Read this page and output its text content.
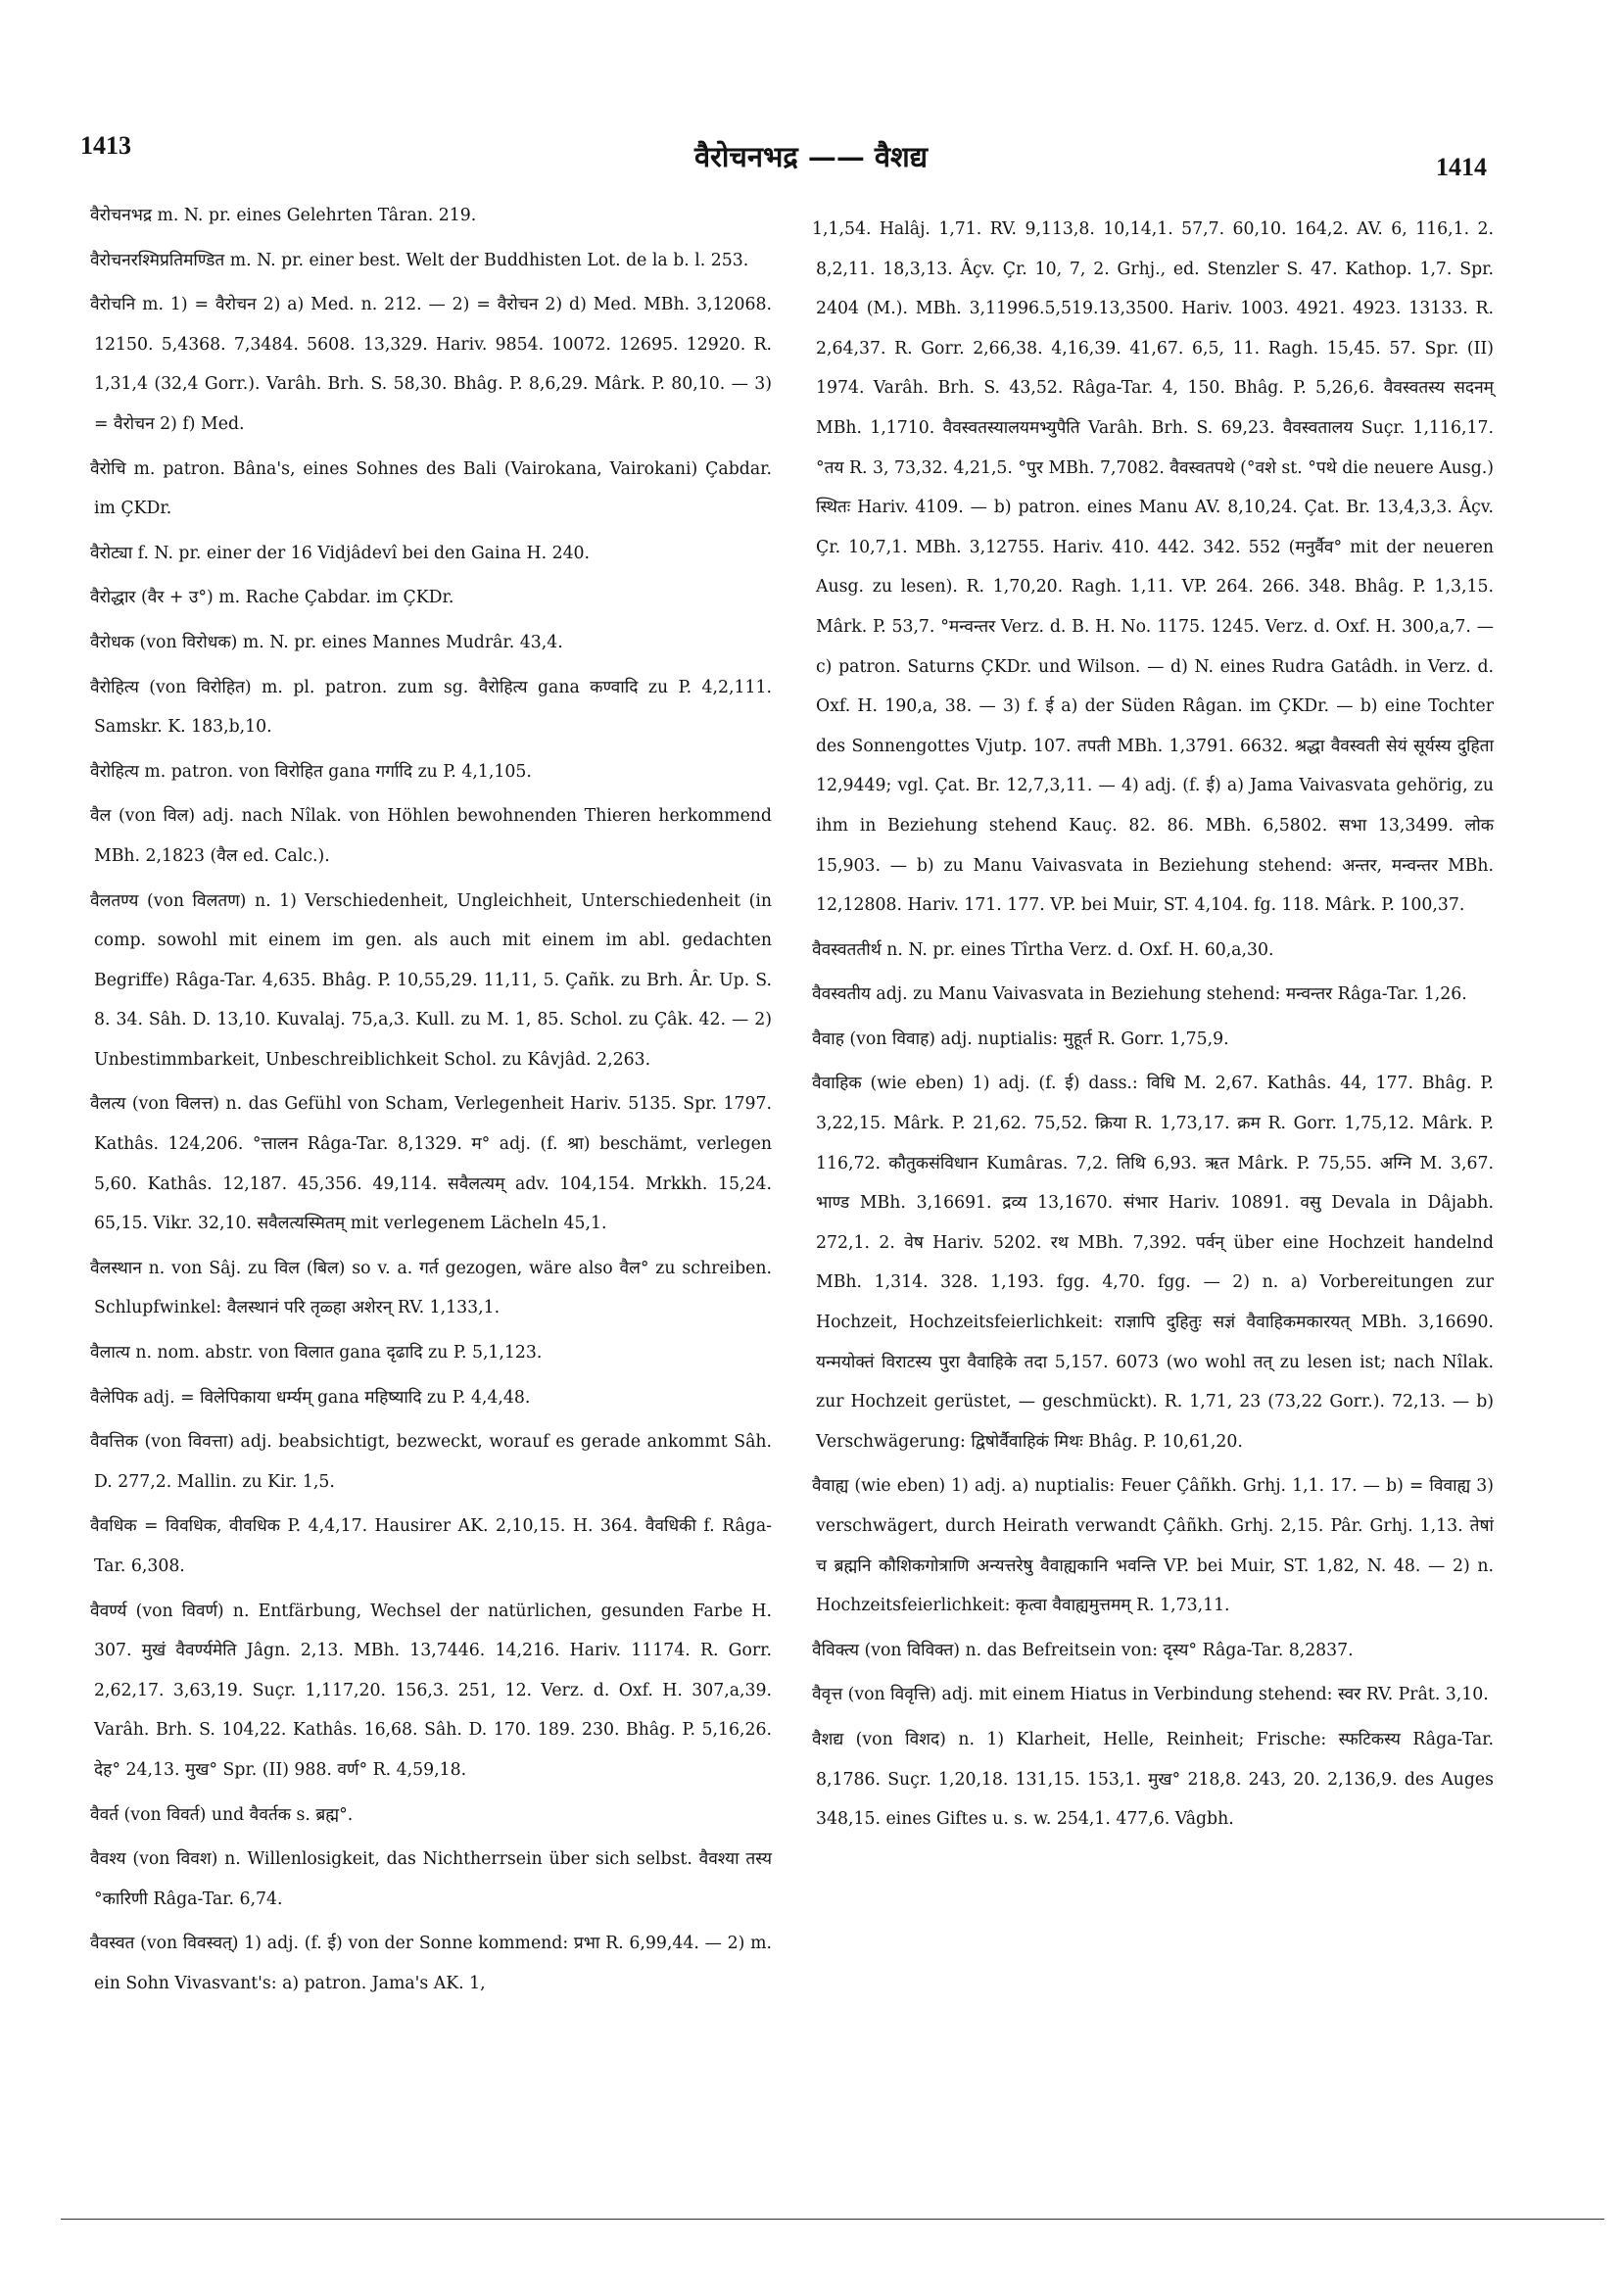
1413	वैरोचनभद्र —— वैशद्य	1414

वैरोचनभद्र m. N. pr. eines Gelehrten Târan. 219.

वैरोचनरश्मिप्रतिमण्डित m. N. pr. einer best. Welt der Buddhisten Lot. de la b. l. 253.

वैरोचनि m. 1) = वैरोचन 2) a) Med. n. 212. — 2) = वैरोचन 2) d) Med. MBh. 3,12068. 12150. 5,4368. 7,3484. 5608. 13,329. Hariv. 9854. 10072. 12695. 12920. R. 1,31,4 (32,4 Gorr.). Varâh. Brh. S. 58,30. Bhâg. P. 8,6,29. Mârk. P. 80,10. — 3) = वैरोचन 2) f) Med.

वैरोचि m. patron. Bâna's, eines Sohnes des Bali (Vairokana, Vairokani) Çabdar. im ÇKDr.

वैरोट्या f. N. pr. einer der 16 Vidjâdevî bei den Gaina H. 240.

वैरोद्धार (वैर + उ°) m. Rache Çabdar. im ÇKDr.

वैरोधक (von विरोधक) m. N. pr. eines Mannes Mudrâr. 43,4.

वैरोहित्य (von विरोहित) m. pl. patron. zum sg. वैरोहित्य gana कण्वादि zu P. 4,2,111. Samskr. K. 183,b,10.

वैरोहित्य m. patron. von विरोहित gana गर्गादि zu P. 4,1,105.

वैल (von विल) adj. nach Nîlak. von Höhlen bewohnenden Thieren herkommend MBh. 2,1823 (वैल ed. Calc.).

वैलतण्य (von विलतण) n. 1) Verschiedenheit, Ungleichheit, Unterschiedenheit (in comp. sowohl mit einem im gen. als auch mit einem im abl. gedachten Begriffe) Râga-Tar. 4,635. Bhâg. P. 10,55,29. 11,11, 5. Çañk. zu Brh. Âr. Up. S. 8. 34. Sâh. D. 13,10. Kuvalaj. 75,a,3. Kull. zu M. 1, 85. Schol. zu Çâk. 42. — 2) Unbestimmbarkeit, Unbeschreiblichkeit Schol. zu Kâvjâd. 2,263.

वैलत्य (von विलत्त) n. das Gefühl von Scham, Verlegenheit Hariv. 5135. Spr. 1797. Kathâs. 124,206. °त्तालन Râga-Tar. 8,1329. म° adj. (f. श्रा) beschämt, verlegen 5,60. Kathâs. 12,187. 45,356. 49,114. सवैलत्यम् adv. 104,154. Mrkkh. 15,24. 65,15. Vikr. 32,10. सवैलत्यस्मितम् mit verlegenem Lächeln 45,1.

वैलस्थान n. von Sâj. zu विल (बिल) so v. a. गर्त gezogen, wäre also वैल° zu schreiben. Schlupfwinkel: वैलस्थानं परि तृळ्हा अशेरन् RV. 1,133,1.

वैलात्य n. nom. abstr. von विलात gana दृढादि zu P. 5,1,123.

वैलेपिक adj. = विलेपिकाया धर्म्यम् gana महिष्यादि zu P. 4,4,48.

वैवत्तिक (von विवत्ता) adj. beabsichtigt, bezweckt, worauf es gerade ankommt Sâh. D. 277,2. Mallin. zu Kir. 1,5.

वैवधिक = विवधिक, वीवधिक P. 4,4,17. Hausirer AK. 2,10,15. H. 364. वैवधिकी f. Râga-Tar. 6,308.

वैवर्ण्य (von विवर्ण) n. Entfärbung, Wechsel der natürlichen, gesunden Farbe H. 307. मुखं वैवर्ण्यमेति Jâgn. 2,13. MBh. 13,7446. 14,216. Hariv. 11174. R. Gorr. 2,62,17. 3,63,19. Suçr. 1,117,20. 156,3. 251, 12. Verz. d. Oxf. H. 307,a,39. Varâh. Brh. S. 104,22. Kathâs. 16,68. Sâh. D. 170. 189. 230. Bhâg. P. 5,16,26. देह° 24,13. मुख° Spr. (II) 988. वर्ण° R. 4,59,18.

वैवर्त (von विवर्त) und वैवर्तक s. ब्रह्म°.

वैवश्य (von विवश) n. Willenlosigkeit, das Nichtherrsein über sich selbst. वैवश्या तस्य °कारिणी Râga-Tar. 6,74.

वैवस्वत (von विवस्वत्) 1) adj. (f. ई) von der Sonne kommend: प्रभा R. 6,99,44. — 2) m. ein Sohn Vivasvant's: a) patron. Jama's AK. 1,

1,1,54. Halâj. 1,71. RV. 9,113,8. 10,14,1. 57,7. 60,10. 164,2. AV. 6, 116,1. 2. 8,2,11. 18,3,13. Âçv. Çr. 10, 7, 2. Grhj., ed. Stenzler S. 47. Kathop. 1,7. Spr. 2404 (M.). MBh. 3,11996.5,519.13,3500. Hariv. 1003. 4921. 4923. 13133. R. 2,64,37. R. Gorr. 2,66,38. 4,16,39. 41,67. 6,5, 11. Ragh. 15,45. 57. Spr. (II) 1974. Varâh. Brh. S. 43,52. Râga-Tar. 4, 150. Bhâg. P. 5,26,6. वैवस्वतस्य सदनम् MBh. 1,1710. वैवस्वतस्यालयमभ्युपैति Varâh. Brh. S. 69,23. वैवस्वतालय Suçr. 1,116,17. °तय R. 3, 73,32. 4,21,5. °पुर MBh. 7,7082. वैवस्वतपथे (°वशे st. °पथे die neuere Ausg.) स्थितः Hariv. 4109. — b) patron. eines Manu AV. 8,10,24. Çat. Br. 13,4,3,3. Âçv. Çr. 10,7,1. MBh. 3,12755. Hariv. 410. 442. 342. 552 (मनुर्वैव° mit der neueren Ausg. zu lesen). R. 1,70,20. Ragh. 1,11. VP. 264. 266. 348. Bhâg. P. 1,3,15. Mârk. P. 53,7. °मन्वन्तर Verz. d. B. H. No. 1175. 1245. Verz. d. Oxf. H. 300,a,7. — c) patron. Saturns ÇKDr. und Wilson. — d) N. eines Rudra Gatâdh. in Verz. d. Oxf. H. 190,a, 38. — 3) f. ई a) der Süden Râgan. im ÇKDr. — b) eine Tochter des Sonnengottes Vjutp. 107. तपती MBh. 1,3791. 6632. श्रद्धा वैवस्वती सेयं सूर्यस्य दुहिता 12,9449; vgl. Çat. Br. 12,7,3,11. — 4) adj. (f. ई) a) Jama Vaivasvata gehörig, zu ihm in Beziehung stehend Kauç. 82. 86. MBh. 6,5802. सभा 13,3499. लोक 15,903. — b) zu Manu Vaivasvata in Beziehung stehend: अन्तर, मन्वन्तर MBh. 12,12808. Hariv. 171. 177. VP. bei Muir, ST. 4,104. fg. 118. Mârk. P. 100,37.

वैवस्वततीर्थ n. N. pr. eines Tîrtha Verz. d. Oxf. H. 60,a,30.

वैवस्वतीय adj. zu Manu Vaivasvata in Beziehung stehend: मन्वन्तर Râga-Tar. 1,26.

वैवाह (von विवाह) adj. nuptialis: मुहूर्त R. Gorr. 1,75,9.

वैवाहिक (wie eben) 1) adj. (f. ई) dass.: विधि M. 2,67. Kathâs. 44, 177. Bhâg. P. 3,22,15. Mârk. P. 21,62. 75,52. क्रिया R. 1,73,17. क्रम R. Gorr. 1,75,12. Mârk. P. 116,72. कौतुकसंविधान Kumâras. 7,2. तिथि 6,93. ऋत Mârk. P. 75,55. अग्नि M. 3,67. भाण्ड MBh. 3,16691. द्रव्य 13,1670. संभार Hariv. 10891. वसु Devala in Dâjabh. 272,1. 2. वेष Hariv. 5202. रथ MBh. 7,392. पर्वन् über eine Hochzeit handelnd MBh. 1,314. 328. 1,193. fgg. 4,70. fgg. — 2) n. a) Vorbereitungen zur Hochzeit, Hochzeitsfeierlichkeit: राज्ञापि दुहितुः सज्ञं वैवाहिकमकारयत् MBh. 3,16690. यन्मयोक्तं विराटस्य पुरा वैवाहिके तदा 5,157. 6073 (wo wohl तत् zu lesen ist; nach Nîlak. zur Hochzeit gerüstet, — geschmückt). R. 1,71, 23 (73,22 Gorr.). 72,13. — b) Verschwägerung: द्विषोर्वैवाहिकं मिथः Bhâg. P. 10,61,20.

वैवाह्य (wie eben) 1) adj. a) nuptialis: Feuer Çâñkh. Grhj. 1,1. 17. — b) = विवाह्य 3) verschwägert, durch Heirath verwandt Çâñkh. Grhj. 2,15. Pâr. Grhj. 1,13. तेषां च ब्रह्मनि कौशिकगोत्राणि अन्यत्तरेषु वैवाह्यकानि भवन्ति VP. bei Muir, ST. 1,82, N. 48. — 2) n. Hochzeitsfeierlichkeit: कृत्वा वैवाह्यमुत्तमम् R. 1,73,11.

वैविक्त्य (von विविक्त) n. das Befreitsein von: दृस्य° Râga-Tar. 8,2837.

वैवृत्त (von विवृत्ति) adj. mit einem Hiatus in Verbindung stehend: स्वर RV. Prât. 3,10.

वैशद्य (von विशद) n. 1) Klarheit, Helle, Reinheit; Frische: स्फटिकस्य Râga-Tar. 8,1786. Suçr. 1,20,18. 131,15. 153,1. मुख° 218,8. 243, 20. 2,136,9. des Auges 348,15. eines Giftes u. s. w. 254,1. 477,6. Vâgbh.
